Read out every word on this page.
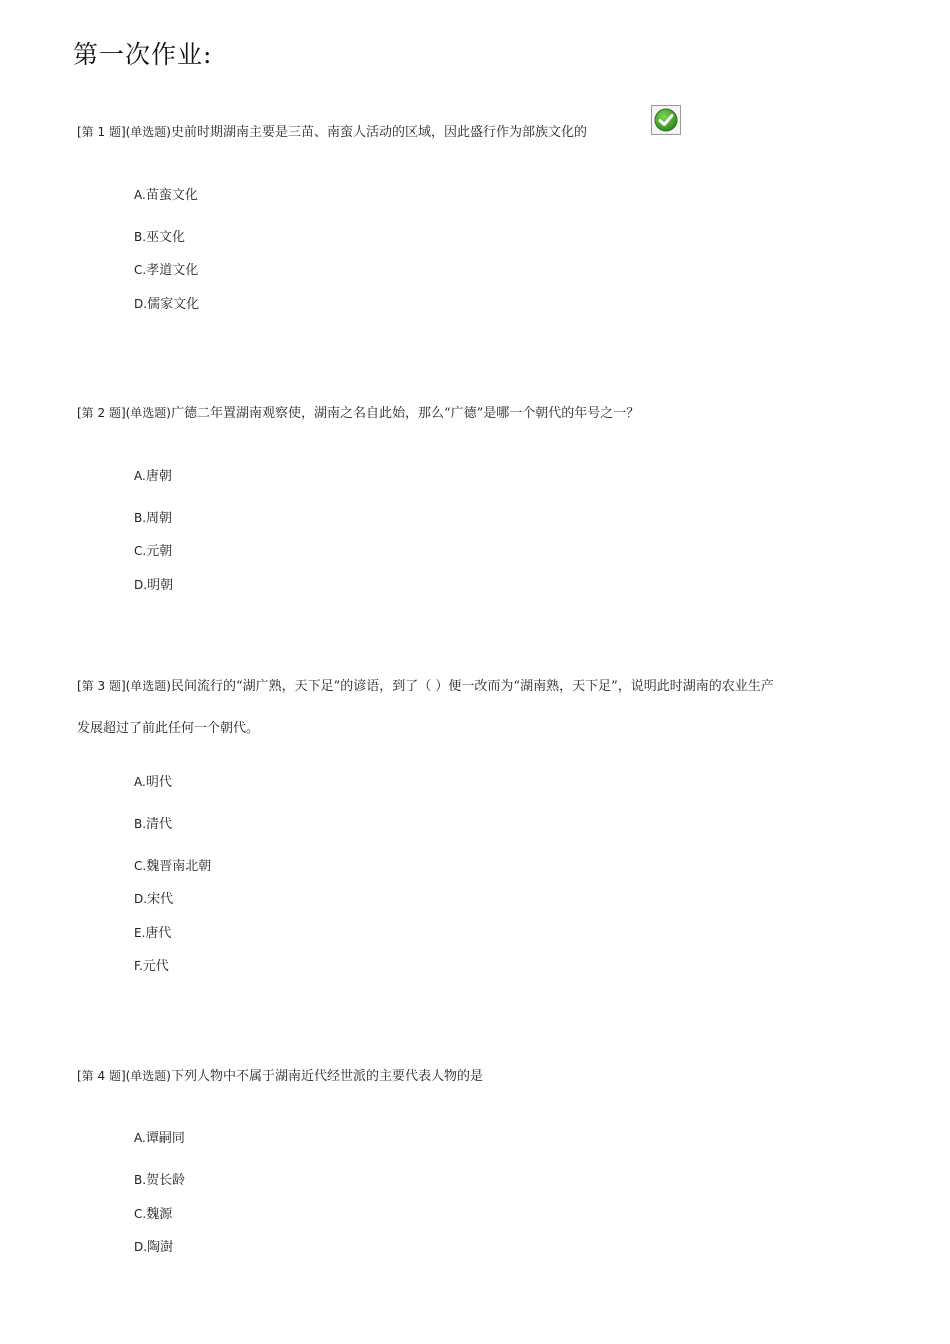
第一次作业:

[第 1 题](单选题)史前时期湖南主要是三苗、南蛮人活动的区域，因此盛行作为部族文化的

A.苗蛮文化
B.巫文化
C.孝道文化
D.儒家文化

[第 2 题](单选题)广德二年置湖南观察使，湖南之名自此始，那么“广德”是哪一个朝代的年号之一？

A.唐朝
B.周朝
C.元朝
D.明朝

[第 3 题](单选题)民间流行的“湖广熟，天下足”的谚语，到了（ ）便一改而为“湖南熟，天下足”，说明此时湖南的农业生产

发展超过了前此任何一个朝代。
A.明代
B.清代
C.魏晋南北朝
D.宋代
E.唐代
F.元代

[第 4 题](单选题)下列人物中不属于湖南近代经世派的主要代表人物的是

A.谭嗣同
B.贺长龄
C.魏源
D.陶澍
